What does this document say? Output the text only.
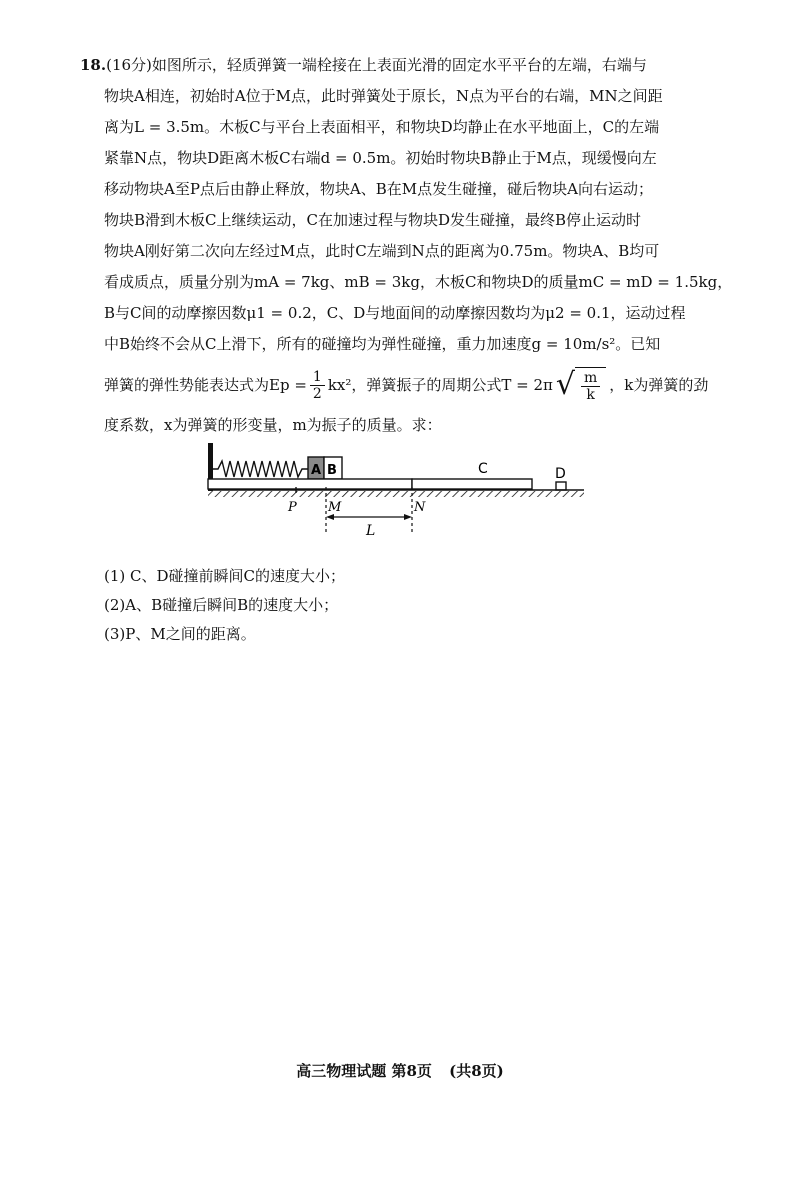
18.(16分)如图所示，轻质弹簧一端栓接在上表面光滑的固定水平平台的左端，右端与

物块A相连，初始时A位于M点，此时弹簧处于原长，N点为平台的右端，MN之间距

离为L = 3.5m。木板C与平台上表面相平，和物块D均静止在水平地面上，C的左端

紧靠N点，物块D距离木板C右端d = 0.5m。初始时物块B静止于M点，现缓慢向左

移动物块A至P点后由静止释放，物块A、B在M点发生碰撞，碰后物块A向右运动；

物块B滑到木板C上继续运动，C在加速过程与物块D发生碰撞，最终B停止运动时

物块A刚好第二次向左经过M点，此时C左端到N点的距离为0.75m。物块A、B均可

看成质点，质量分别为mA = 7kg、mB = 3kg，木板C和物块D的质量mC = mD = 1.5kg，

B与C间的动摩擦因数μ1 = 0.2，C、D与地面间的动摩擦因数均为μ2 = 0.1，运动过程

中B始终不会从C上滑下，所有的碰撞均为弹性碰撞，重力加速度g = 10m/s²。已知

弹簧的弹性势能表达式为$Ep = \frac{1}{2} kx^2$，弹簧振子的周期公式T = 2π √ $\frac{m}{k}$ ，k为弹簧的劲

度系数，x为弹簧的形变量，m为振子的质量。求：

A B	C	D
P M	N
L

(1) C、D碰撞前瞬间C的速度大小；

(2)A、B碰撞后瞬间B的速度大小；

(3)P、M之间的距离。

高三物理试题 第8页 (共8页)
